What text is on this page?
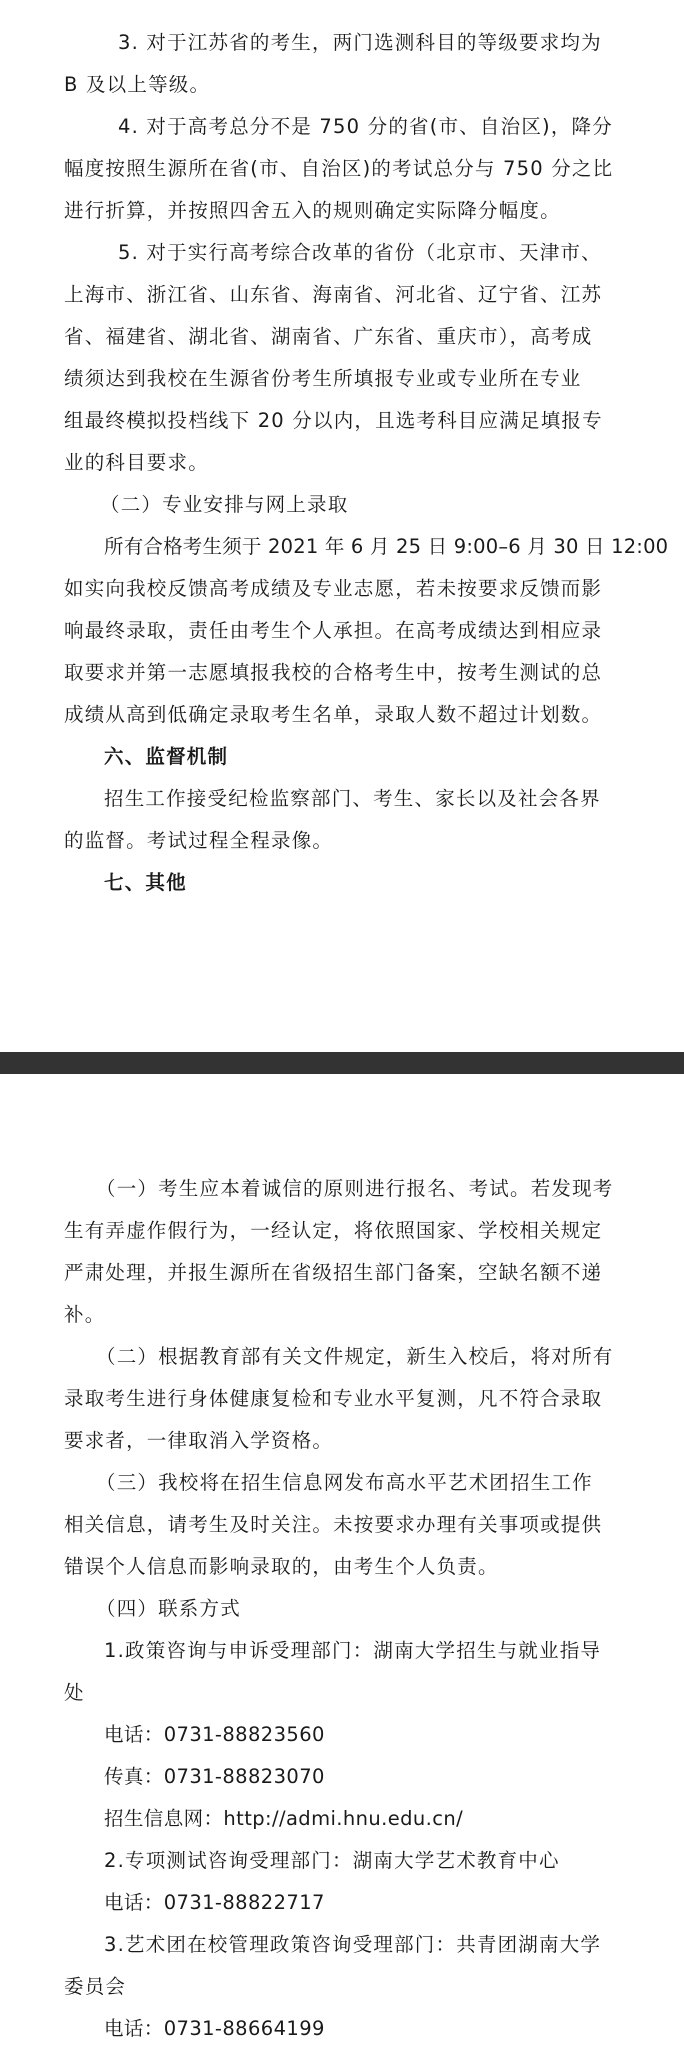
3. 对于江苏省的考生，两门选测科目的等级要求均为
B 及以上等级。
4. 对于高考总分不是 750 分的省(市、自治区)，降分
幅度按照生源所在省(市、自治区)的考试总分与 750 分之比
进行折算，并按照四舍五入的规则确定实际降分幅度。
5. 对于实行高考综合改革的省份（北京市、天津市、
上海市、浙江省、山东省、海南省、河北省、辽宁省、江苏
省、福建省、湖北省、湖南省、广东省、重庆市），高考成
绩须达到我校在生源省份考生所填报专业或专业所在专业
组最终模拟投档线下 20 分以内，且选考科目应满足填报专
业的科目要求。
（二）专业安排与网上录取
所有合格考生须于 2021 年 6 月 25 日 9:00–6 月 30 日 12:00
如实向我校反馈高考成绩及专业志愿，若未按要求反馈而影
响最终录取，责任由考生个人承担。在高考成绩达到相应录
取要求并第一志愿填报我校的合格考生中，按考生测试的总
成绩从高到低确定录取考生名单，录取人数不超过计划数。
六、监督机制
招生工作接受纪检监察部门、考生、家长以及社会各界
的监督。考试过程全程录像。
七、其他
（一）考生应本着诚信的原则进行报名、考试。若发现考
生有弄虚作假行为，一经认定，将依照国家、学校相关规定
严肃处理，并报生源所在省级招生部门备案，空缺名额不递
补。
（二）根据教育部有关文件规定，新生入校后，将对所有
录取考生进行身体健康复检和专业水平复测，凡不符合录取
要求者，一律取消入学资格。
（三）我校将在招生信息网发布高水平艺术团招生工作
相关信息，请考生及时关注。未按要求办理有关事项或提供
错误个人信息而影响录取的，由考生个人负责。
（四）联系方式
1.政策咨询与申诉受理部门：湖南大学招生与就业指导
处
电话：0731-88823560
传真：0731-88823070
招生信息网：http://admi.hnu.edu.cn/
2.专项测试咨询受理部门：湖南大学艺术教育中心
电话：0731-88822717
3.艺术团在校管理政策咨询受理部门：共青团湖南大学
委员会
电话：0731-88664199
